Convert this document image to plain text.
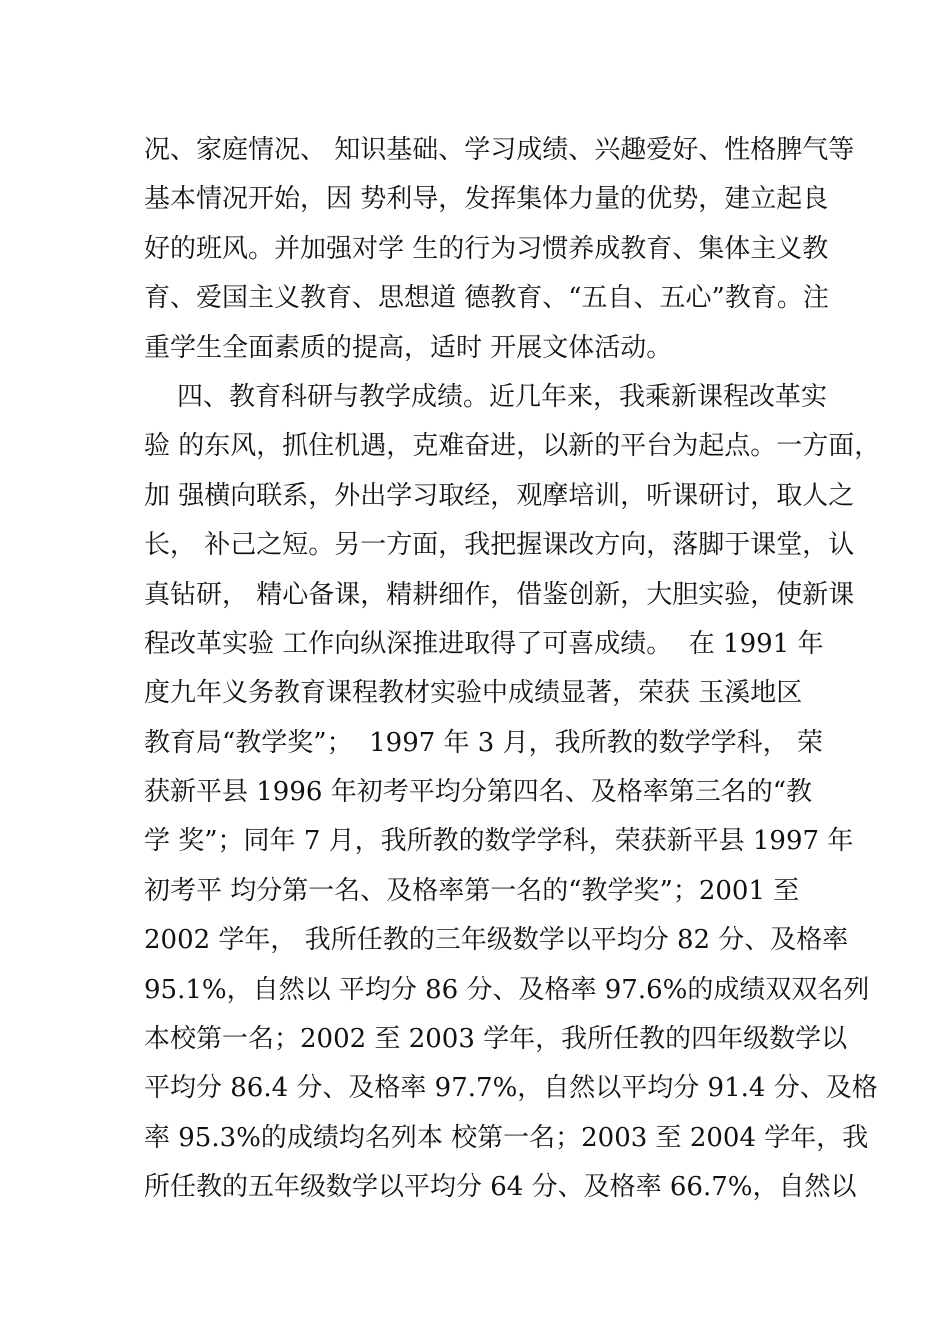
况、家庭情况、 知识基础、学习成绩、兴趣爱好、性格脾气等
基本情况开始，因 势利导，发挥集体力量的优势，建立起良
好的班风。并加强对学 生的行为习惯养成教育、集体主义教
育、爱国主义教育、思想道 德教育、“五自、五心”教育。注
重学生全面素质的提高，适时 开展文体活动。
四、教育科研与教学成绩。近几年来，我乘新课程改革实
验 的东风，抓住机遇，克难奋进，以新的平台为起点。一方面，
加 强横向联系，外出学习取经，观摩培训，听课研讨，取人之
长， 补己之短。另一方面，我把握课改方向，落脚于课堂，认
真钻研， 精心备课，精耕细作，借鉴创新，大胆实验，使新课
程改革实验 工作向纵深推进取得了可喜成绩。  在 1991 年
度九年义务教育课程教材实验中成绩显著，荣获 玉溪地区
教育局“教学奖”；  1997 年 3 月，我所教的数学学科， 荣
获新平县 1996 年初考平均分第四名、及格率第三名的“教
学 奖”；同年 7 月，我所教的数学学科，荣获新平县 1997 年
初考平 均分第一名、及格率第一名的“教学奖”；2001 至
2002 学年， 我所任教的三年级数学以平均分 82 分、及格率
95.1%，自然以 平均分 86 分、及格率 97.6%的成绩双双名列
本校第一名；2002 至 2003 学年，我所任教的四年级数学以
平均分 86.4 分、及格率 97.7%，自然以平均分 91.4 分、及格
率 95.3%的成绩均名列本 校第一名；2003 至 2004 学年，我
所任教的五年级数学以平均分 64 分、及格率 66.7%，自然以
